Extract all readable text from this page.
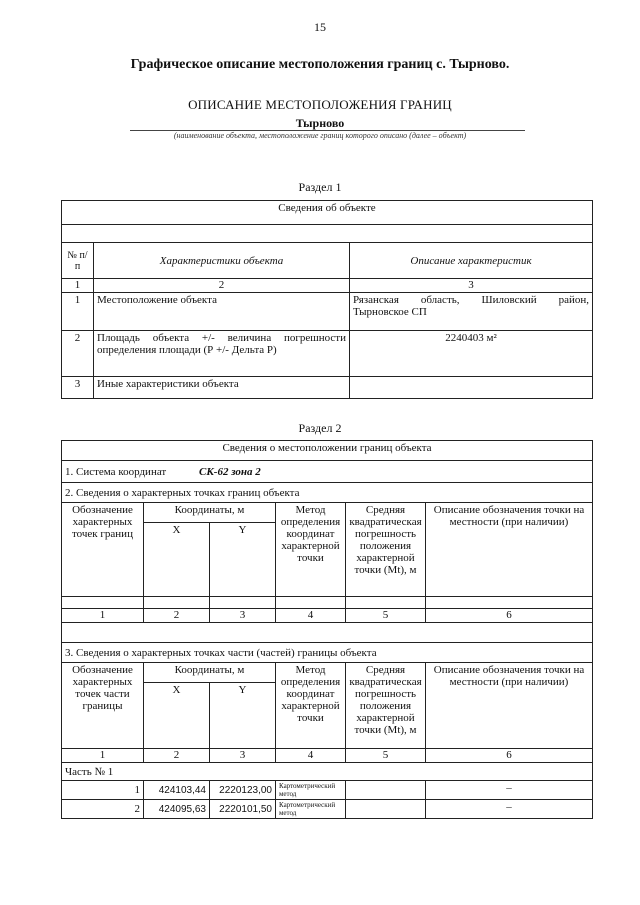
15
Графическое описание местоположения границ с. Тырново.
ОПИСАНИЕ МЕСТОПОЛОЖЕНИЯ ГРАНИЦ
Тырново
(наименование объекта, местоположение границ которого описано (далее – объект)
Раздел 1
Сведения об объекте		

№ п/п	Характеристики объекта	Описание характеристик
1	2	3
1	Местоположение объекта	Рязанская область, Шиловский район, Тырновское СП
2	Площадь объекта +/- величина погрешности определения площади (Р +/- Дельта Р)	2240403 м²
3	Иные характеристики объекта	
Раздел 2
Сведения о местоположении границ объекта					
1. Система координат СК-62 зона 2					
2. Сведения о характерных точках границ объекта					
Обозначение характерных точек границ	Координаты, м		Метод определения координат характерной точки	Средняя квадратическая погрешность положения характерной точки (Mt), м	Описание обозначения точки на местности (при наличии)
	X	Y			

1	2	3	4	5	6

3. Сведения о характерных точках части (частей) границы объекта					
Обозначение характерных точек части границы	Координаты, м		Метод определения координат характерной точки	Средняя квадратическая погрешность положения характерной точки (Mt), м	Описание обозначения точки на местности (при наличии)
	X	Y			
1	2	3	4	5	6
Часть № 1					
1	424103,44	2220123,00	Картометрический метод		–
2	424095,63	2220101,50	Картометрический метод		–
